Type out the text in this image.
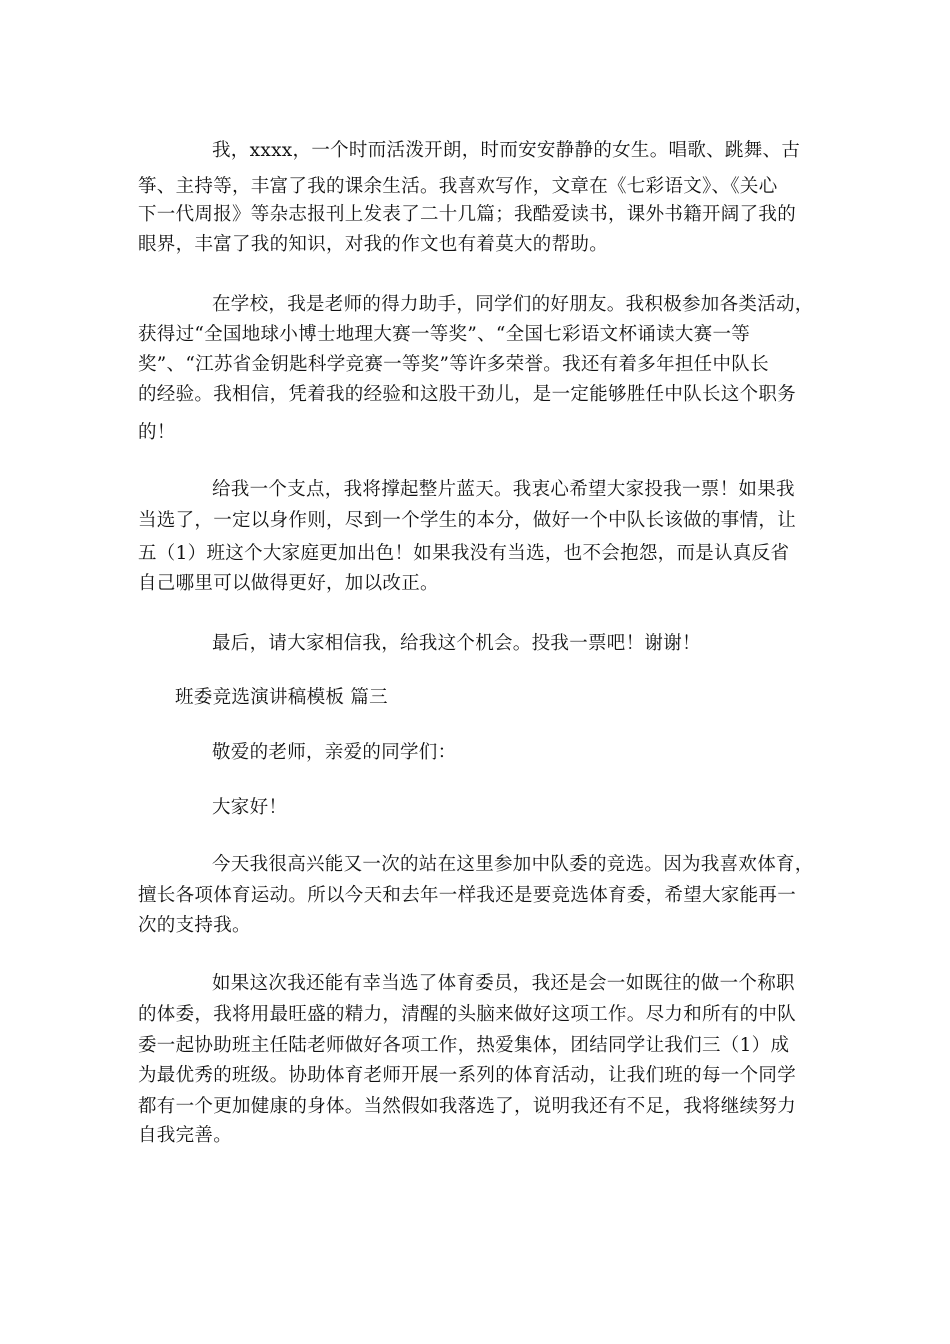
我，xxxx，一个时而活泼开朗，时而安安静静的女生。唱歌、跳舞、古
筝、主持等，丰富了我的课余生活。我喜欢写作，文章在《七彩语文》、《关心
下一代周报》等杂志报刊上发表了二十几篇；我酷爱读书，课外书籍开阔了我的
眼界，丰富了我的知识，对我的作文也有着莫大的帮助。
在学校，我是老师的得力助手，同学们的好朋友。我积极参加各类活动，
获得过“全国地球小博士地理大赛一等奖”、“全国七彩语文杯诵读大赛一等
奖”、“江苏省金钥匙科学竞赛一等奖”等许多荣誉。我还有着多年担任中队长
的经验。我相信，凭着我的经验和这股干劲儿，是一定能够胜任中队长这个职务
的！
给我一个支点，我将撑起整片蓝天。我衷心希望大家投我一票！如果我
当选了，一定以身作则，尽到一个学生的本分，做好一个中队长该做的事情，让
五（1）班这个大家庭更加出色！如果我没有当选，也不会抱怨，而是认真反省
自己哪里可以做得更好，加以改正。
最后，请大家相信我，给我这个机会。投我一票吧！谢谢！
班委竞选演讲稿模板 篇三
敬爱的老师，亲爱的同学们：
大家好！
今天我很高兴能又一次的站在这里参加中队委的竞选。因为我喜欢体育，
擅长各项体育运动。所以今天和去年一样我还是要竞选体育委，希望大家能再一
次的支持我。
如果这次我还能有幸当选了体育委员，我还是会一如既往的做一个称职
的体委，我将用最旺盛的精力，清醒的头脑来做好这项工作。尽力和所有的中队
委一起协助班主任陆老师做好各项工作，热爱集体，团结同学让我们三（1）成
为最优秀的班级。协助体育老师开展一系列的体育活动，让我们班的每一个同学
都有一个更加健康的身体。当然假如我落选了，说明我还有不足，我将继续努力
自我完善。
